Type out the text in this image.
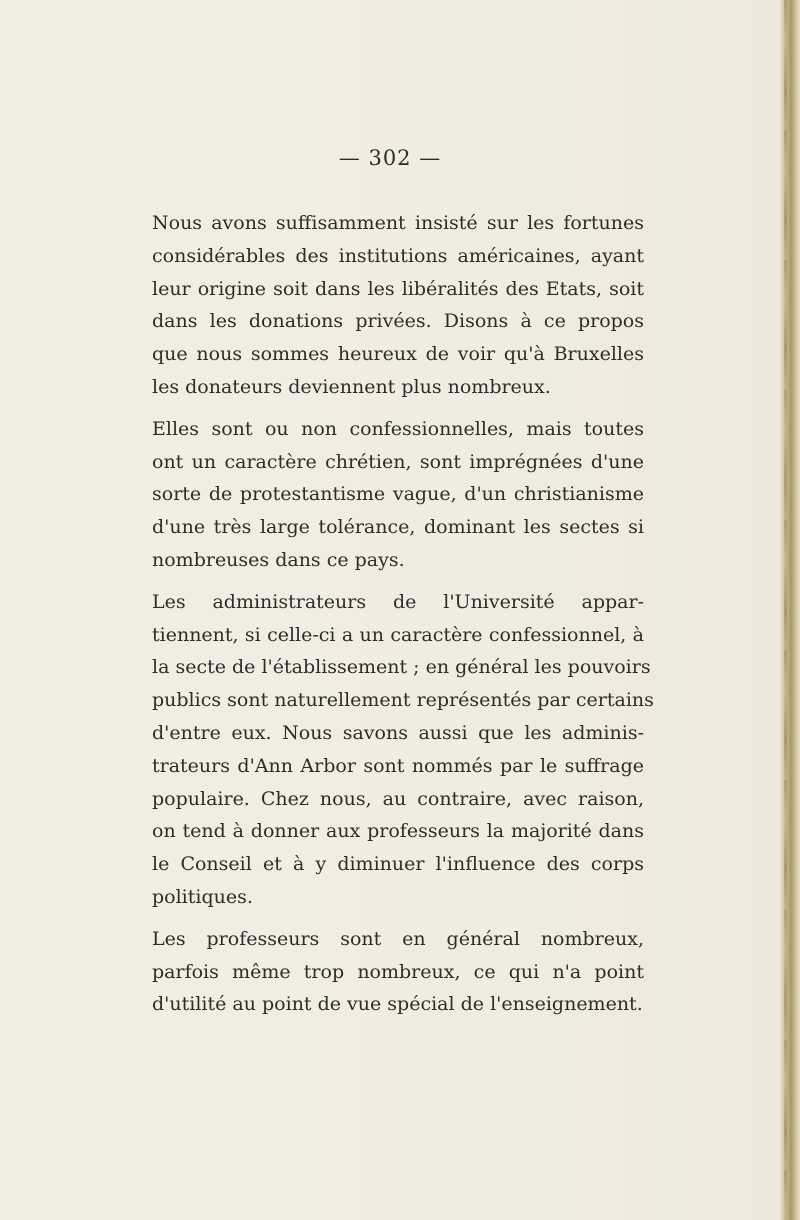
— 302 —
Nous avons suffisamment insisté sur les fortunes
considérables des institutions américaines, ayant
leur origine soit dans les libéralités des Etats, soit
dans les donations privées. Disons à ce propos
que nous sommes heureux de voir qu'à Bruxelles
les donateurs deviennent plus nombreux.
Elles sont ou non confessionnelles, mais toutes
ont un caractère chrétien, sont imprégnées d'une
sorte de protestantisme vague, d'un christianisme
d'une très large tolérance, dominant les sectes si
nombreuses dans ce pays.
Les administrateurs de l'Université appar-
tiennent, si celle-ci a un caractère confessionnel, à
la secte de l'établissement ; en général les pouvoirs
publics sont naturellement représentés par certains
d'entre eux. Nous savons aussi que les adminis-
trateurs d'Ann Arbor sont nommés par le suffrage
populaire. Chez nous, au contraire, avec raison,
on tend à donner aux professeurs la majorité dans
le Conseil et à y diminuer l'influence des corps
politiques.
Les professeurs sont en général nombreux,
parfois même trop nombreux, ce qui n'a point
d'utilité au point de vue spécial de l'enseignement.
